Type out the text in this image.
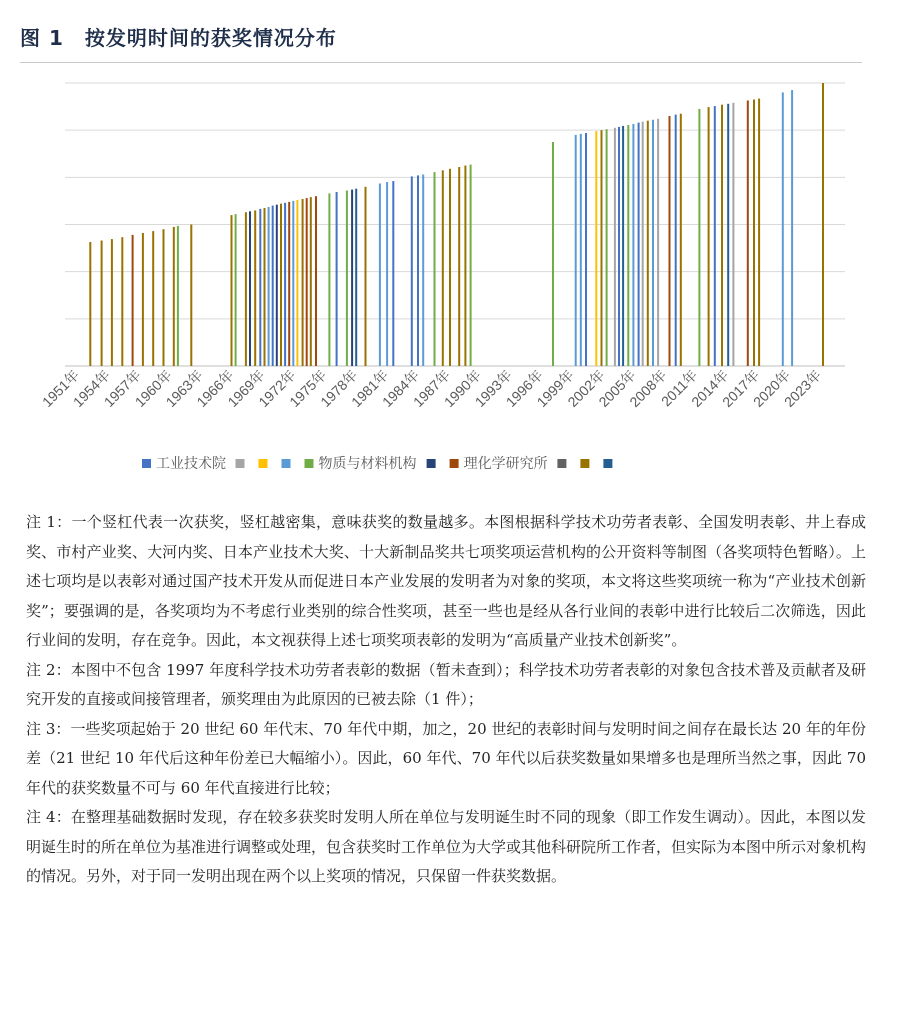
图 1　按发明时间的获奖情况分布
1951年
1954年
1957年
1960年
1963年
1966年
1969年
1972年
1975年
1978年
1981年
1984年
1987年
1990年
1993年
1996年
1999年
2002年
2005年
2008年
2011年
2014年
2017年
2020年
2023年
工业技术院	物质与材料机构	理化学研究所

注 1：一个竖杠代表一次获奖，竖杠越密集，意味获奖的数量越多。本图根据科学技术功劳者表彰、全国发明表彰、井上春成奖、市村产业奖、大河内奖、日本产业技术大奖、十大新制品奖共七项奖项运营机构的公开资料等制图（各奖项特色暂略）。上述七项均是以表彰对通过国产技术开发从而促进日本产业发展的发明者为对象的奖项，本文将这些奖项统一称为“产业技术创新奖”；要强调的是，各奖项均为不考虑行业类别的综合性奖项，甚至一些也是经从各行业间的表彰中进行比较后二次筛选，因此行业间的发明，存在竞争。因此，本文视获得上述七项奖项表彰的发明为“高质量产业技术创新奖”。

注 2：本图中不包含 1997 年度科学技术功劳者表彰的数据（暂未查到）；科学技术功劳者表彰的对象包含技术普及贡献者及研究开发的直接或间接管理者，颁奖理由为此原因的已被去除（1 件）；

注 3：一些奖项起始于 20 世纪 60 年代末、70 年代中期，加之，20 世纪的表彰时间与发明时间之间存在最长达 20 年的年份差（21 世纪 10 年代后这种年份差已大幅缩小）。因此，60 年代、70 年代以后获奖数量如果增多也是理所当然之事，因此 70 年代的获奖数量不可与 60 年代直接进行比较；

注 4：在整理基础数据时发现，存在较多获奖时发明人所在单位与发明诞生时不同的现象（即工作发生调动）。因此，本图以发明诞生时的所在单位为基准进行调整或处理，包含获奖时工作单位为大学或其他科研院所工作者，但实际为本图中所示对象机构的情况。另外，对于同一发明出现在两个以上奖项的情况，只保留一件获奖数据。
